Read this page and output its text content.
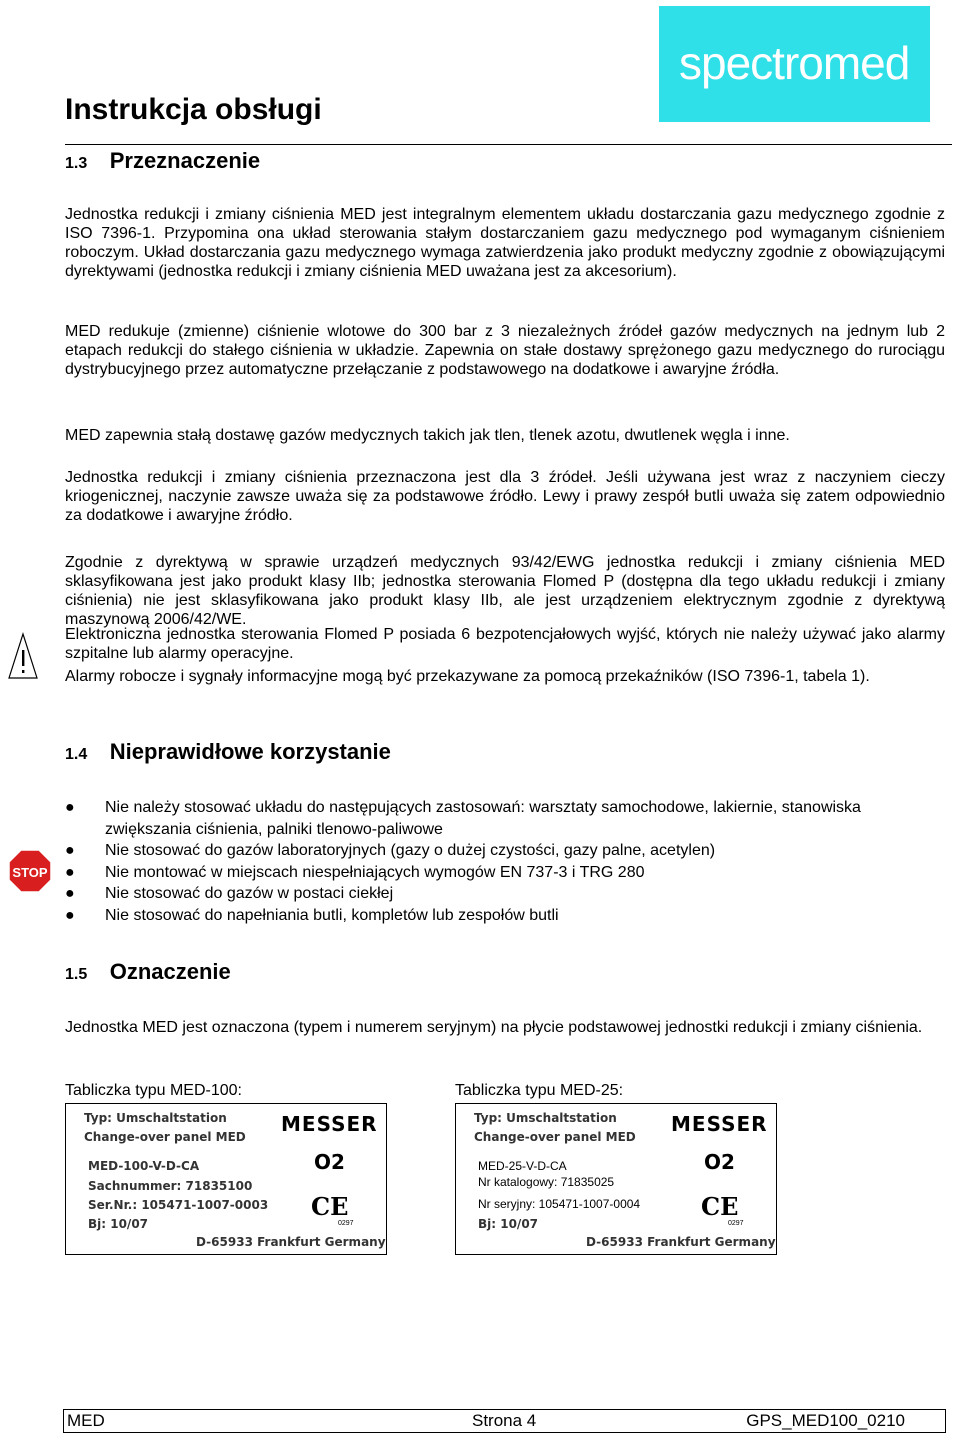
spectromed
Instrukcja obsługi
1.3 Przeznaczenie
Jednostka redukcji i zmiany ciśnienia MED jest integralnym elementem układu dostarczania gazu medycznego zgodnie z ISO 7396-1. Przypomina ona układ sterowania stałym dostarczaniem gazu medycznego pod wymaganym ciśnieniem roboczym. Układ dostarczania gazu medycznego wymaga zatwierdzenia jako produkt medyczny zgodnie z obowiązującymi dyrektywami (jednostka redukcji i zmiany ciśnienia MED uważana jest za akcesorium).
MED redukuje (zmienne) ciśnienie wlotowe do 300 bar z 3 niezależnych źródeł gazów medycznych na jednym lub 2 etapach redukcji do stałego ciśnienia w układzie. Zapewnia on stałe dostawy sprężonego gazu medycznego do rurociągu dystrybucyjnego przez automatyczne przełączanie z podstawowego na dodatkowe i awaryjne źródła.
MED zapewnia stałą dostawę gazów medycznych takich jak tlen, tlenek azotu, dwutlenek węgla i inne.
Jednostka redukcji i zmiany ciśnienia przeznaczona jest dla 3 źródeł. Jeśli używana jest wraz z naczyniem cieczy kriogenicznej, naczynie zawsze uważa się za podstawowe źródło. Lewy i prawy zespół butli uważa się zatem odpowiednio za dodatkowe i awaryjne źródło.
Zgodnie z dyrektywą w sprawie urządzeń medycznych 93/42/EWG jednostka redukcji i zmiany ciśnienia MED sklasyfikowana jest jako produkt klasy IIb; jednostka sterowania Flomed P (dostępna dla tego układu redukcji i zmiany ciśnienia) nie jest sklasyfikowana jako produkt klasy IIb, ale jest urządzeniem elektrycznym zgodnie z dyrektywą maszynową 2006/42/WE.
Elektroniczna jednostka sterowania Flomed P posiada 6 bezpotencjałowych wyjść, których nie należy używać jako alarmy szpitalne lub alarmy operacyjne.
Alarmy robocze i sygnały informacyjne mogą być przekazywane za pomocą przekaźników (ISO 7396-1, tabela 1).
1.4 Nieprawidłowe korzystanie
STOP
● Nie należy stosować układu do następujących zastosowań: warsztaty samochodowe, lakiernie, stanowiska zwiększania ciśnienia, palniki tlenowo-paliwowe
● Nie stosować do gazów laboratoryjnych (gazy o dużej czystości, gazy palne, acetylen)
● Nie montować w miejscach niespełniających wymogów EN 737-3 i TRG 280
● Nie stosować do gazów w postaci ciekłej
● Nie stosować do napełniania butli, kompletów lub zespołów butli
1.5 Oznaczenie
Jednostka MED jest oznaczona (typem i numerem seryjnym) na płycie podstawowej jednostki redukcji i zmiany ciśnienia.
Tabliczka typu MED-100:	Tabliczka typu MED-25:
Typ: Umschaltstation
Change-over panel MED
MED-100-V-D-CA
Sachnummer: 71835100
Ser.Nr.: 105471-1007-0003
Bj: 10/07
MESSER
O2
CE
0297
D-65933 Frankfurt Germany
Typ: Umschaltstation
Change-over panel MED
Bj: 10/07
MESSER
O2
CE
0297
D-65933 Frankfurt Germany
MED-25-V-D-CA
Nr katalogowy: 71835025
Nr seryjny: 105471-1007-0004
MED	Strona 4	GPS_MED100_0210
